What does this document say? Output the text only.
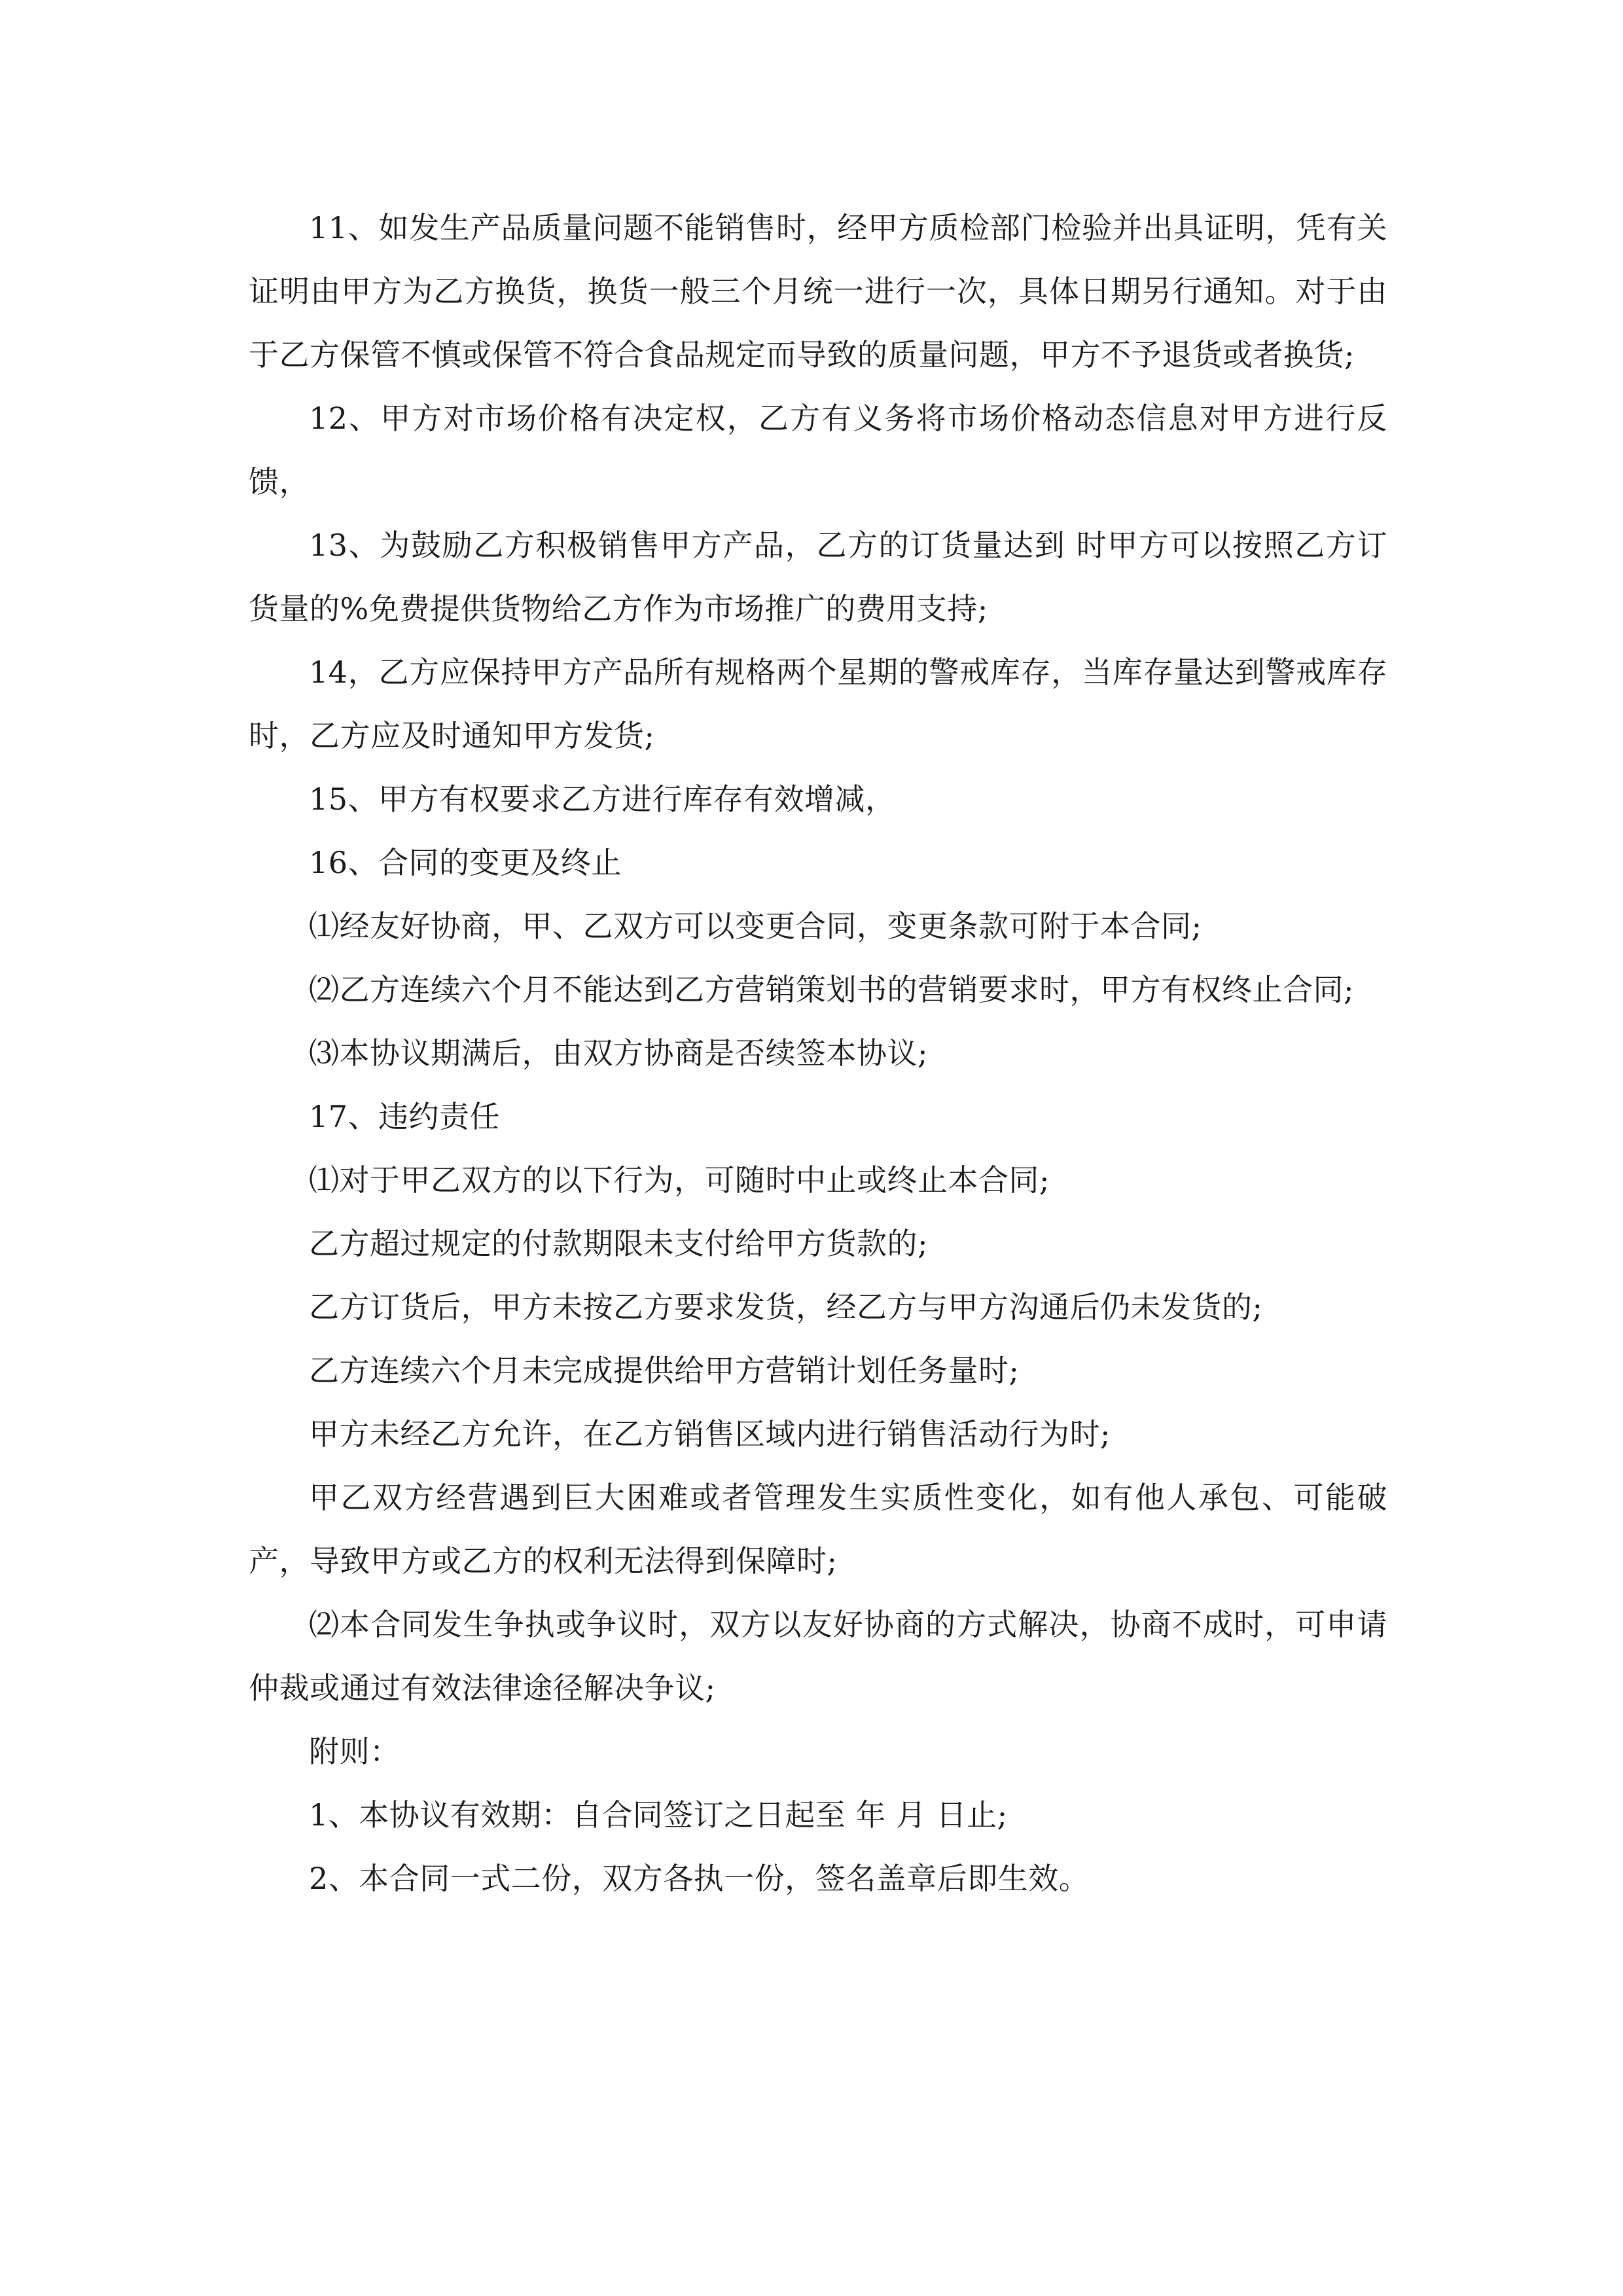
11、如发生产品质量问题不能销售时，经甲方质检部门检验并出具证明，凭有关证明由甲方为乙方换货，换货一般三个月统一进行一次，具体日期另行通知。对于由于乙方保管不慎或保管不符合食品规定而导致的质量问题，甲方不予退货或者换货;

12、甲方对市场价格有决定权，乙方有义务将市场价格动态信息对甲方进行反馈，

13、为鼓励乙方积极销售甲方产品，乙方的订货量达到 时甲方可以按照乙方订货量的%免费提供货物给乙方作为市场推广的费用支持;

14，乙方应保持甲方产品所有规格两个星期的警戒库存，当库存量达到警戒库存时，乙方应及时通知甲方发货;

15、甲方有权要求乙方进行库存有效增减，

16、合同的变更及终止

⑴经友好协商，甲、乙双方可以变更合同，变更条款可附于本合同;

⑵乙方连续六个月不能达到乙方营销策划书的营销要求时，甲方有权终止合同;

⑶本协议期满后，由双方协商是否续签本协议;

17、违约责任

⑴对于甲乙双方的以下行为，可随时中止或终止本合同;

乙方超过规定的付款期限未支付给甲方货款的;

乙方订货后，甲方未按乙方要求发货，经乙方与甲方沟通后仍未发货的;

乙方连续六个月未完成提供给甲方营销计划任务量时;

甲方未经乙方允许，在乙方销售区域内进行销售活动行为时;

甲乙双方经营遇到巨大困难或者管理发生实质性变化，如有他人承包、可能破产，导致甲方或乙方的权利无法得到保障时;

⑵本合同发生争执或争议时，双方以友好协商的方式解决，协商不成时，可申请仲裁或通过有效法律途径解决争议;

附则：

1、本协议有效期：自合同签订之日起至 年 月 日止;

2、本合同一式二份，双方各执一份，签名盖章后即生效。
